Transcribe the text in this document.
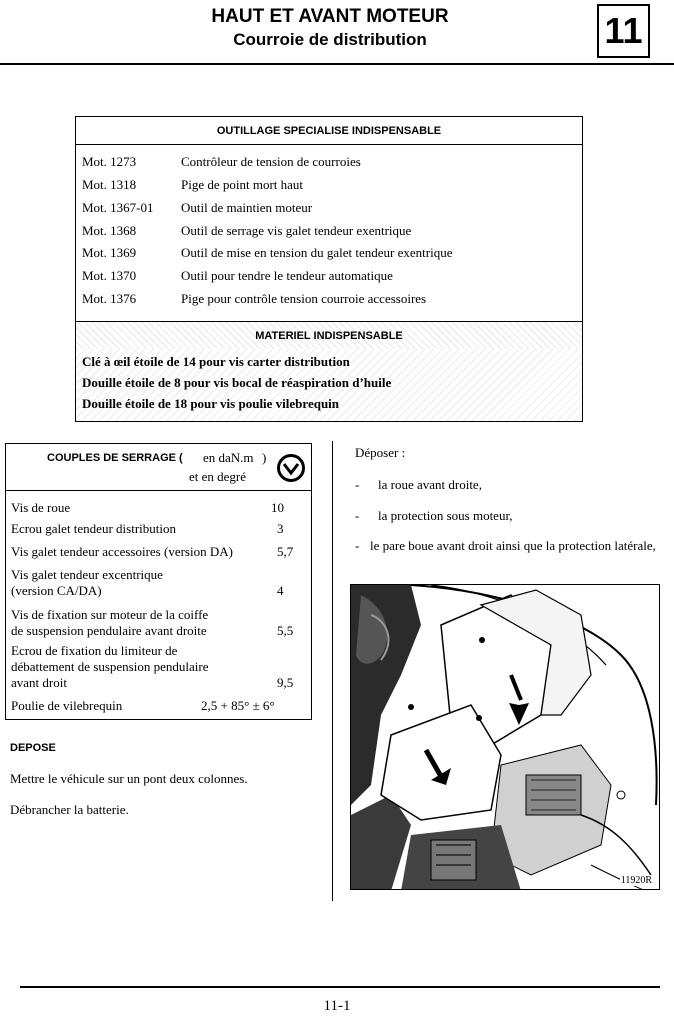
HAUT ET AVANT MOTEUR
Courroie de distribution	11
OUTILLAGE SPECIALISE INDISPENSABLE
Mot. 1273	Contrôleur de tension de courroies
Mot. 1318	Pige de point mort haut
Mot. 1367-01	Outil de maintien moteur
Mot. 1368	Outil de serrage vis galet tendeur exentrique
Mot. 1369	Outil de mise en tension du galet tendeur exentrique
Mot. 1370	Outil pour tendre le tendeur automatique
Mot. 1376	Pige pour contrôle tension courroie accessoires
MATERIEL INDISPENSABLE
Clé à œil étoile de 14 pour vis carter distribution
Douille étoile de 8 pour vis bocal de réaspiration d’huile
Douille étoile de 18 pour vis poulie vilebrequin
COUPLES DE SERRAGE ( en daN.m )
et en degré
Vis de roue	10
Ecrou galet tendeur distribution	3
Vis galet tendeur accessoires (version DA)	5,7
Vis galet tendeur excentrique
(version CA/DA)	4
Vis de fixation sur moteur de la coiffe
de suspension pendulaire avant droite	5,5
Ecrou de fixation du limiteur de
débattement de suspension pendulaire
avant droit	9,5
Poulie de vilebrequin	2,5 + 85° ± 6°
DEPOSE
Mettre le véhicule sur un pont deux colonnes.
Débrancher la batterie.
Déposer :
- la roue avant droite,
- la protection sous moteur,
- le pare boue avant droit ainsi que la protection latérale,
11920R
11-1
